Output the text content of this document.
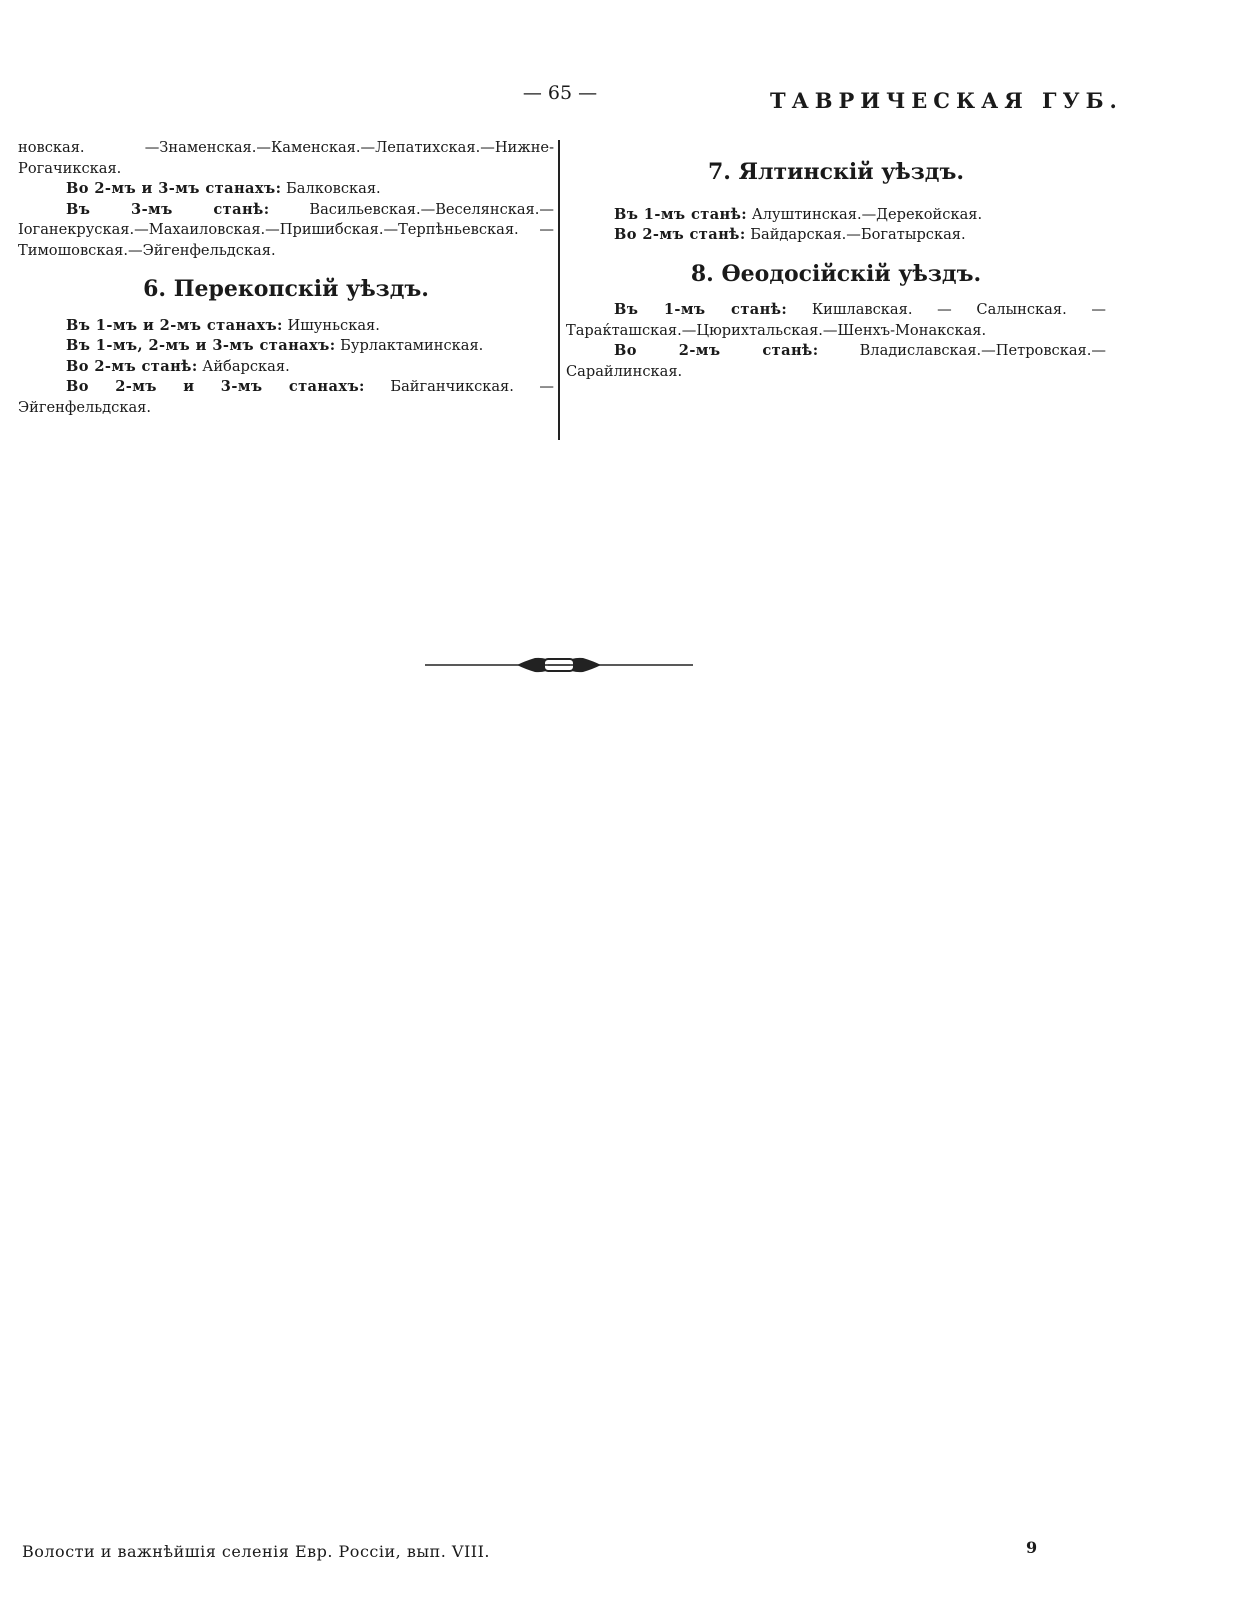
— 65 —	ТАВРИЧЕСКАЯ ГУБ.

новская. —Знаменская.—Каменская.—Лепатихская.—Нижне-Рогачикская.

Во 2-мъ и 3-мъ станахъ: Балковская.

Въ 3-мъ станѣ: Васильевская.—Веселянская.—Іоганекруская.—Махаиловская.—Пришибская.—Терпѣньевская. — Тимошовская.—Эйгенфельдская.

6. Перекопскій уѣздъ.

Въ 1-мъ и 2-мъ станахъ: Ишуньская.

Въ 1-мъ, 2-мъ и 3-мъ станахъ: Бурлактаминская.

Во 2-мъ станѣ: Айбарская.

Во 2-мъ и 3-мъ станахъ: Байганчикская. — Эйгенфельдская.

7. Ялтинскій уѣздъ.

Въ 1-мъ станѣ: Алуштинская.—Дерекойская.

Во 2-мъ станѣ: Байдарская.—Богатырская.

8. Ѳеодосійскій уѣздъ.

Въ 1-мъ станѣ: Кишлавская. — Салынская. — Тараќташская.—Цюрихтальская.—Шенхъ-Монакская.

Во 2-мъ станѣ: Владиславская.—Петровская.—Сарайлинская.

Волости и важнѣйшія селенія Евр. Россіи, вып. VIII.	9
